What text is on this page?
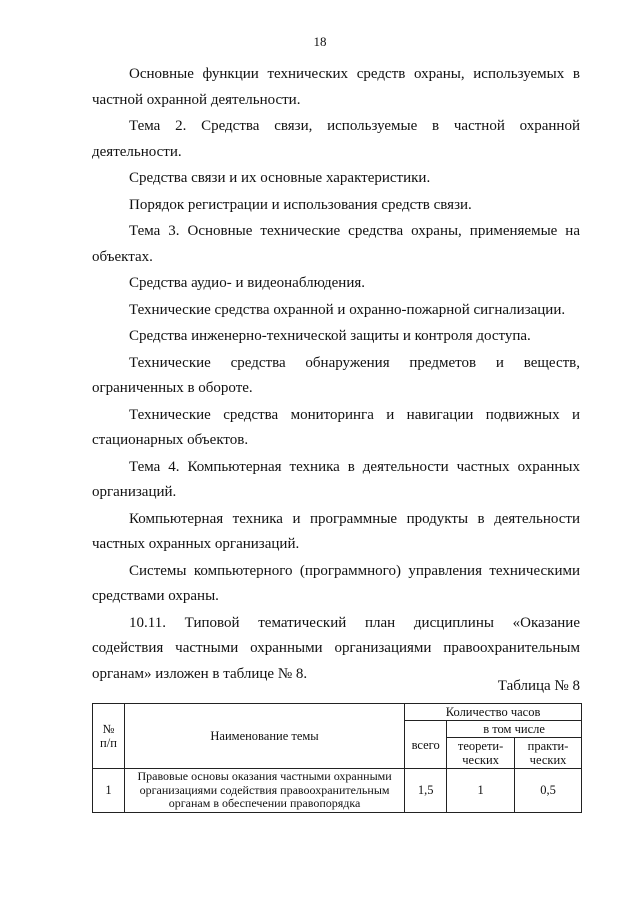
18

Основные функции технических средств охраны, используемых в частной охранной деятельности.

Тема 2. Средства связи, используемые в частной охранной деятельности.

Средства связи и их основные характеристики.

Порядок регистрации и использования средств связи.

Тема 3. Основные технические средства охраны, применяемые на объектах.

Средства аудио- и видеонаблюдения.

Технические средства охранной и охранно-пожарной сигнализации.

Средства инженерно-технической защиты и контроля доступа.

Технические средства обнаружения предметов и веществ, ограниченных в обороте.

Технические средства мониторинга и навигации подвижных и стационарных объектов.

Тема 4. Компьютерная техника в деятельности частных охранных организаций.

Компьютерная техника и программные продукты в деятельности частных охранных организаций.

Системы компьютерного (программного) управления техническими средствами охраны.

10.11. Типовой тематический план дисциплины «Оказание содействия частными охранными организациями правоохранительным органам» изложен в таблице № 8.

Таблица № 8
№ п/п	Наименование темы	Количество часов		
		всего	в том числе	
			теорети-ческих	практи-ческих
1	Правовые основы оказания частными охранными организациями содействия правоохранительным органам в обеспечении правопорядка	1,5	1	0,5
